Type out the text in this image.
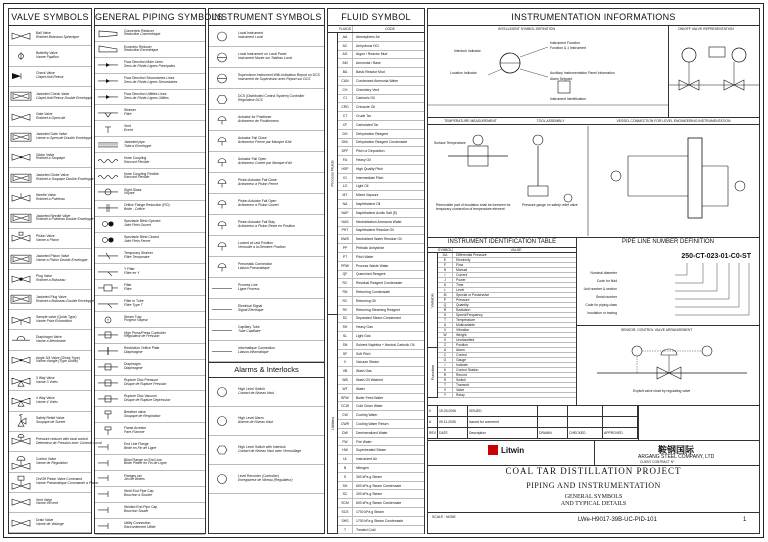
VALVE SYMBOLS
Ball Valve
Robinet Boisseau Spherique
Butterfly Valve
Vanne Papillon
Check Valve
Clapet Anti Retour
Jacketed Check Valve
Clapet Anti Retour Double Enveloppe
Gate Valve
Robinet a Opercule
Jacketed Gate Valve
Vanne a Opercule Double Enveloppe
Globe Valve
Robinet a Soupape
Jacketed Globe Valve
Robinet a Soupape Double Enveloppe
Needle Valve
Robinet a Pointeau
Jacketed Needle Valve
Robinet a Pointeau Double Enveloppe
Piston Valve
Vanne a Piston
Jacketed Piston Valve
Vanne a Piston Double Enveloppe
Plug Valve
Robinet a Boisseau
Jacketed Plug Valve
Robinet a Boisseau Double Enveloppe
Sample valve (Quick Type)
Vanne Prise Echantillon
Diaphragm Valve
Vanne a Membrane
Angle 3/4 Valve (Globe Type)
Vanne d'angle (Type Globe)
3 Way Valve
Vanne 3 Voies
4 Way Valve
Vanne 4 Voies
Safety Relief Valve
Soupape de Surete
Pressure reducer with local control
Detendeur de Pression avec Controle Local
Control Valve
Vanne de Regulation
On/Off Piston Valve Command
Vanne Pneumatique Commande a Piston
Vent Valve
Vanne d'Event
Drain Valve
Vanne de Vidange
GENERAL PIPING SYMBOLS
Concentric Reducer
Reduction Concentrique
Eccentric Reducer
Reduction Excentrique
Flow Direction Main Lines
Sens de Fluide Lignes Principales
Flow Direction Secondaries Lines
Sens de Fluide Lignes Secondaires
Flow Direction Utilities Lines
Sens de Fluide Lignes Utilites
Strainer
Filtre
Vent
Event
Jacketed pipe
Tube a Enveloppe
Hose Coupling
Raccord Flexible
Hose Coupling Flexible
Raccord Flexible
Sight Glass
Voyant
Orifice Flange Reduction (RO)
Bride - Orifice
Spectacle Blind Opened
Joint Plein Ouvert
Spectacle Blind Closed
Joint Plein Ferme
Temporary Strainer
Filtre Temporaire
Y Filter
Filtre en Y
Filter
Filtre
Filter in Tube
Filtre Type T
T
Steam Trap
Purgeur Vapeur
High Press/Press Controller
Regulateur de Pression
Restriction Orifice Plate
Diaphragme
Diaphragm
Diaphragme
Rupture Disc Pressure
Disque de Rupture Pression
Rupture Disc Vacuum
Disque de Rupture Depression
Breather valve
Soupape de Respiration
Flame Arrester
Pare-Flamme
End Line Flange
Bride en Fin de Ligne
Blind Flange on End Line
Bride Pleine en Fin de Ligne
Flanges set
Jeu de Brides
Weld End Pipe Cap
Bouchon a Souder
Welded End Pipe Cap
Bouchon Soude
Utility Connection
Raccordement Utilite
INSTRUMENT SYMBOLS
Local Instrument
Instrument Local
Local Instrument on Local Panel
Instrument Monte sur Tableau Local
Supervision Instrument With Indication Report on DCS
Instrument de Supervision avec Report sur DCS
DCS (Distributed Control System) Controller
Regulateur DCS
Actuator for Positioner
Actionneur de Positionneur
Actuator Fail Close
Actionneur Ferme par Manque d'Air
Actuator Fail Open
Actionneur Ouvert par Manque d'Air
Piston Actuator Fail Close
Actionneur a Piston Ferme
Piston Actuator Fail Open
Actionneur a Piston Ouvert
Piston Actuator Fail Stay
Actionneur a Piston Reste en Position
Locked at Last Position
Verrouille a la Derniere Position
Pneumatic Connection
Liaison Pneumatique
Process Line
Ligne Process
Electrical Signal
Signal Electrique
Capillary Tube
Tube Capillaire
Informatique Connection
Liaison Informatique
Alarms & Interlocks
High Level Switch
Contact de Niveau Haut
High Level Alarm
Alarme de Niveau Haut
High Level Switch with Interlock
Contact de Niveau Haut avec Verrouillage
Level Recorder (Controller)
Enregistreur de Niveau (Regulateur)
FLUID SYMBOL
FLUIDS	CODE
Process Fluids
AA	Atmospheric Air
AC	Anhydrous HCl
AG	Argon / Reactor Mud
AM	Ammonia / Base
BA	Basic Reactor Mud
CAN	Condensed Ammonia Water
CH	Chemistry Vent
CI	Carbonic Oil
CRD	Creosote Oil
CT	Crude Tar
CF	Carbolated Tar
DH	Dehydration Reagent
DHL	Dehydration Reagent Condensate
DPF	Pitch or Deposition
FA	Heavy Oil
HSP	High Quality Pitch
IO	Intermediate Pitch
LO	Light Oil
MT	Mixed Vapours
NA	Naphthalene Oil
NAP	Naphthalene Acidic Salt (E)
NAS	Neutralization Ammonia Water
PHT	Naphthalene Residue Oil
NWS	Neutralized Water Residue Oil
PP	Phthalic Anhydride
PT	Pitch Water
PRW	Process Waste Water
QF	Quenched Reagent
RC	Residual Reagent Condensate
RN	Returning Condensate
RC	Returning Oil
RV	Returning Steaming Reagent
Utilities
SC	Separated Steam Condensed
SH	Heavy Gas
SL	Light Gas
SN	Solvent Naphtha + Neutral Carbolic Oil
SF	Soft Pitch
V	Vacuum Steam
VB	Wash Gas
WB	Wash Oil Washed
WT	Water
BFW	Boiler Feed Water
CCW	Cold Clean Water
CW	Cooling Water
CWR	Cooling Water Return
DW	Demineralized Water
FW	Fire Water
HW	Superheated Steam
IA	Instrument Air
N	Nitrogen
S	300 kPa g Steam
SH	600 kPa g Steam Condensate
SC	300 kPa g Steam
SCM	600 kPa g Steam Condensate
SCS	1700 kPa g Steam
SHS	1700 kPa g Steam Condensate
T	Treated Cold
INSTRUMENTATION INFORMATIONS
INTELLIGENT SYMBOL DEFINITION	ON/OFF VALVE REPRESENTATION
Instrument Function
Function & 1 Instrument
Interlock Indicator
Auxiliary Instrumentation Panel Information
Alarm Setpoint
Location Indicator
Instrument Identification
TEMPERATURE MEASUREMENT	TOOL ASSEMBLY	VESSEL CONNECTION FOR LEVEL ENGINEERING INSTRUMENTATION
Surface Temperature
Removable part of insulation shall be foreseen for temporary connection of temperature element
Pressure gauge on safety relief valve
INSTRUMENT IDENTIFICATION TABLE
SYMBOL	VALUE
Variable
DA	Differential Pressure
E	Electricity
F	Flow
H	Manual
I	Current
J	Power
K	Time
L	Level
M	Special or Possessive
P	Pressure
Q	Quantity
R	Radiation
S	Speed/Frequency
T	Temperature
U	Multivariable
V	Vibration
W	Weight
X	Unclassified
Z	Position
Function
A	Alarm
C	Control
G	Gauge
I	Indicate
K	Control Station
R	Record
S	Switch
T	Transmit
V	Valve
Y	Relay
PIPE LINE NUMBER DEFINITION
250-CT-023-01-C0-ST
Nominal diameter
Code for fluid
Unit number & section
Serial number
Code for piping class
Insulation or tracing
SENSOR, CONTROL VALVE ARRANGEMENT
Explicit valve chart by regulating valve
0	15.03.2006	ISSUED
A	09.11.2005	Issued for comment
REV DATE	Description	DRAWN	CHECKED	APPROVED
Litwin	鞍钢国际
ARGANG STEEL COMPANY, LTD
CLIENT CONTRACT N°
COAL TAR DISTILLATION PROJECT
PIPING AND INSTRUMENTATION
GENERAL SYMBOLS
AND TYPICAL DETAILS
SCALE : NONE	LWe-H9017-39B-UC-PID-101	1
